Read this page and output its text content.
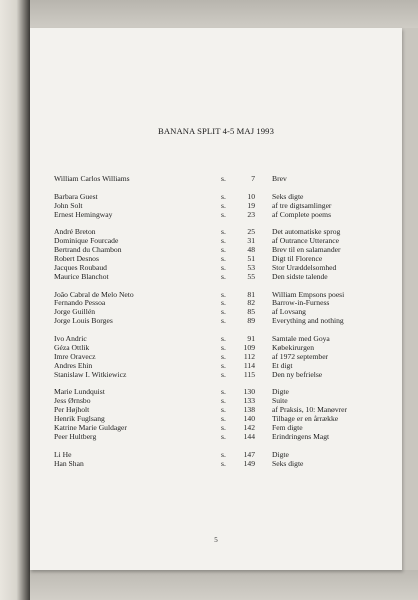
BANANA SPLIT 4-5 MAJ 1993
William Carlos Williams	s.	7 Brev
Barbara Guest	s.	10 Seks digte
John Solt	s.	19 af tre digtsamlinger
Ernest Hemingway	s.	23 af Complete poems
André Breton	s.	25 Det automatiske sprog
Dominique Fourcade	s.	31 af Outrance Utterance
Bertrand du Chambon	s.	48 Brev til en salamander
Robert Desnos	s.	51 Digt til Florence
Jacques Roubaud	s.	53 Stor Uræddelsomhed
Maurice Blanchot	s.	55 Den sidste talende
João Cabral de Melo Neto	s.	81 William Empsons poesi
Fernando Pessoa	s.	82 Barrow-in-Furness
Jorge Guillén	s.	85 af Lovsang
Jorge Louis Borges	s.	89 Everything and nothing
Ivo Andric	s.	91 Samtale med Goya
Géza Ottlik	s.	109 Købekirurgen
Imre Oravecz	s.	112 af 1972 september
Andres Ehin	s.	114 Et digt
Stanislaw I. Witkiewicz	s.	115 Den ny befrielse
Marie Lundquist	s.	130 Digte
Jess Ørnsbo	s.	133 Suite
Per Højholt	s.	138 af Praksis, 10: Manøvrer
Henrik Fuglsang	s.	140 Tilbage er en årrække
Katrine Marie Guldager	s.	142 Fem digte
Peer Hultberg	s.	144 Erindringens Magt
Li He	s.	147 Digte
Han Shan	s.	149 Seks digte
5
